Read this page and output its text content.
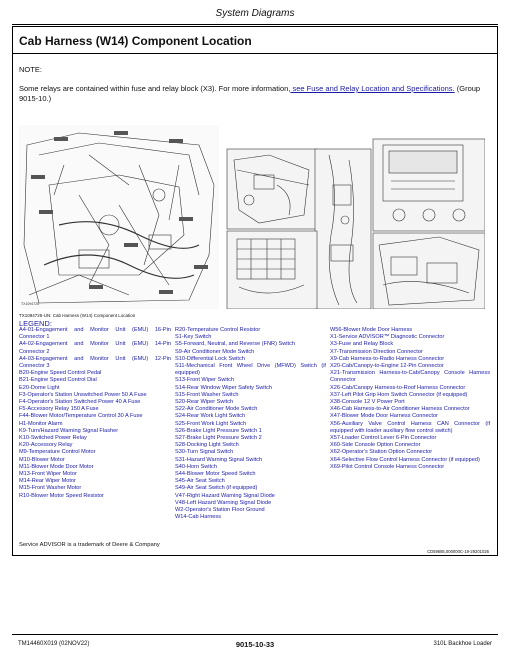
System Diagrams
Cab Harness (W14) Component Location
NOTE:
Some relays are contained within fuse and relay block (X3). For more information, see Fuse and Relay Location and Specifications. (Group 9015-10.)
TX1094725
TX1094725-UN: Cab Harness (W14) Component Location
LEGEND:
A4-01-Engagement and Monitor Unit (EMU) 16-Pin Connector 1
A4-02-Engagement and Monitor Unit (EMU) 14-Pin Connector 2
A4-03-Engagement and Monitor Unit (EMU) 12-Pin Connector 3
B20-Engine Speed Control Pedal
B21-Engine Speed Control Dial
E20-Dome Light
F3-Operator's Station Unswitched Power 50 A Fuse
F4-Operator's Station Switched Power 40 A Fuse
F5-Accessory Relay 150 A Fuse
F44-Blower Motor/Temperature Control 30 A Fuse
H1-Monitor Alarm
K9-Turn/Hazard Warning Signal Flasher
K10-Switched Power Relay
K20-Accessory Relay
M9-Temperature Control Motor
M10-Blower Motor
M11-Blower Mode Door Motor
M13-Front Wiper Motor
M14-Rear Wiper Motor
M15-Front Washer Motor
R10-Blower Motor Speed Resistor
R20-Temperature Control Resistor
S1-Key Switch
S5-Forward, Neutral, and Reverse (FNR) Switch
S9-Air Conditioner Mode Switch
S10-Differential Lock Switch
S11-Mechanical Front Wheel Drive (MFWD) Switch (if equipped)
S13-Front Wiper Switch
S14-Rear Window Wiper Safety Switch
S15-Front Washer Switch
S20-Rear Wiper Switch
S22-Air Conditioner Mode Switch
S24-Rear Work Light Switch
S25-Front Work Light Switch
S26-Brake Light Pressure Switch 1
S27-Brake Light Pressure Switch 2
S28-Docking Light Switch
S30-Turn Signal Switch
S31-Hazard Warning Signal Switch
S40-Horn Switch
S44-Blower Motor Speed Switch
S45-Air Seat Switch
S49-Air Seat Switch (if equipped)
V47-Right Hazard Warning Signal Diode
V48-Left Hazard Warning Signal Diode
W2-Operator's Station Floor Ground
W14-Cab Harness
W56-Blower Mode Door Harness
X1-Service ADVISOR™ Diagnostic Connector
X3-Fuse and Relay Block
X7-Transmission Direction Connector
X9-Cab Harness-to-Radio Harness Connector
X20-Cab/Canopy-to-Engine 12-Pin Connector
X21-Transmission Harness-to-Cab/Canopy Console Harness Connector
X26-Cab/Canopy Harness-to-Roof Harness Connector
X37-Left Pilot Grip Horn Switch Connector (if equipped)
X38-Console 12 V Power Port
X46-Cab Harness-to-Air Conditioner Harness Connector
X47-Blower Mode Door Harness Connector
X56-Auxiliary Valve Control Harness CAN Connector (if equipped with loader auxiliary flow control switch)
X57-Loader Control Lever 6-Pin Connector
X60-Side Console Option Connector
X62-Operator's Station Option Connector
X64-Selective Flow Control Harness Connector (if equipped)
X69-Pilot Control Console Harness Connector
Service ADVISOR is a trademark of Deere & Company
CD59685,000000C-19-29201026
TM14460X019 (02NOV22)	9015-10-33	310L Backhoe Loader
